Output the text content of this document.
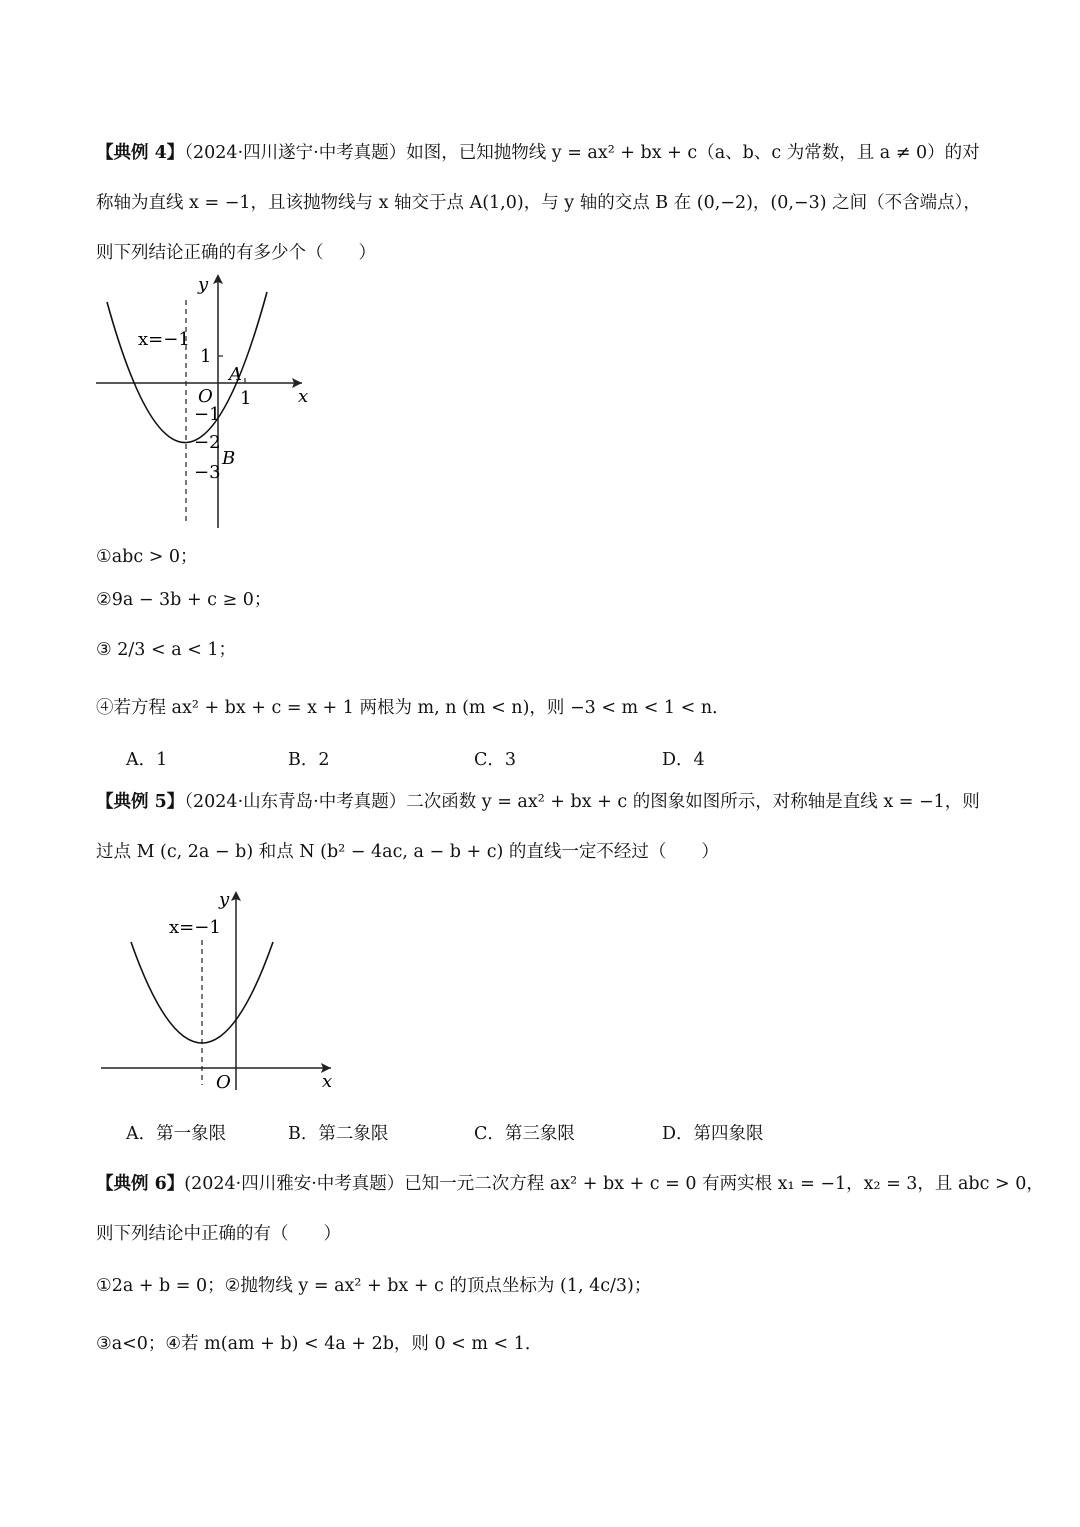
【典例 4】（2024·四川遂宁·中考真题）如图，已知抛物线 y = ax² + bx + c（a、b、c 为常数，且 a ≠ 0）的对
称轴为直线 x = −1，且该抛物线与 x 轴交于点 A(1,0)，与 y 轴的交点 B 在 (0,−2)，(0,−3) 之间（不含端点），
则下列结论正确的有多少个（　　）
y
x
x=−1
1
A
O 1
−1
−2
−3
B
①abc > 0；
②9a − 3b + c ≥ 0；
③ 2/3 < a < 1；
④若方程 ax² + bx + c = x + 1 两根为 m, n (m < n)，则 −3 < m < 1 < n．
A．1	B．2	C．3	D．4
【典例 5】（2024·山东青岛·中考真题）二次函数 y = ax² + bx + c 的图象如图所示，对称轴是直线 x = −1，则
过点 M (c, 2a − b) 和点 N (b² − 4ac, a − b + c) 的直线一定不经过（　　）
y
x
x=−1
O
A．第一象限	B．第二象限	C．第三象限	D．第四象限
【典例 6】(2024·四川雅安·中考真题）已知一元二次方程 ax² + bx + c = 0 有两实根 x₁ = −1，x₂ = 3，且 abc > 0，
则下列结论中正确的有（　　）
①2a + b = 0；②抛物线 y = ax² + bx + c 的顶点坐标为 (1, 4c/3)；
③a<0；④若 m(am + b) < 4a + 2b，则 0 < m < 1．
